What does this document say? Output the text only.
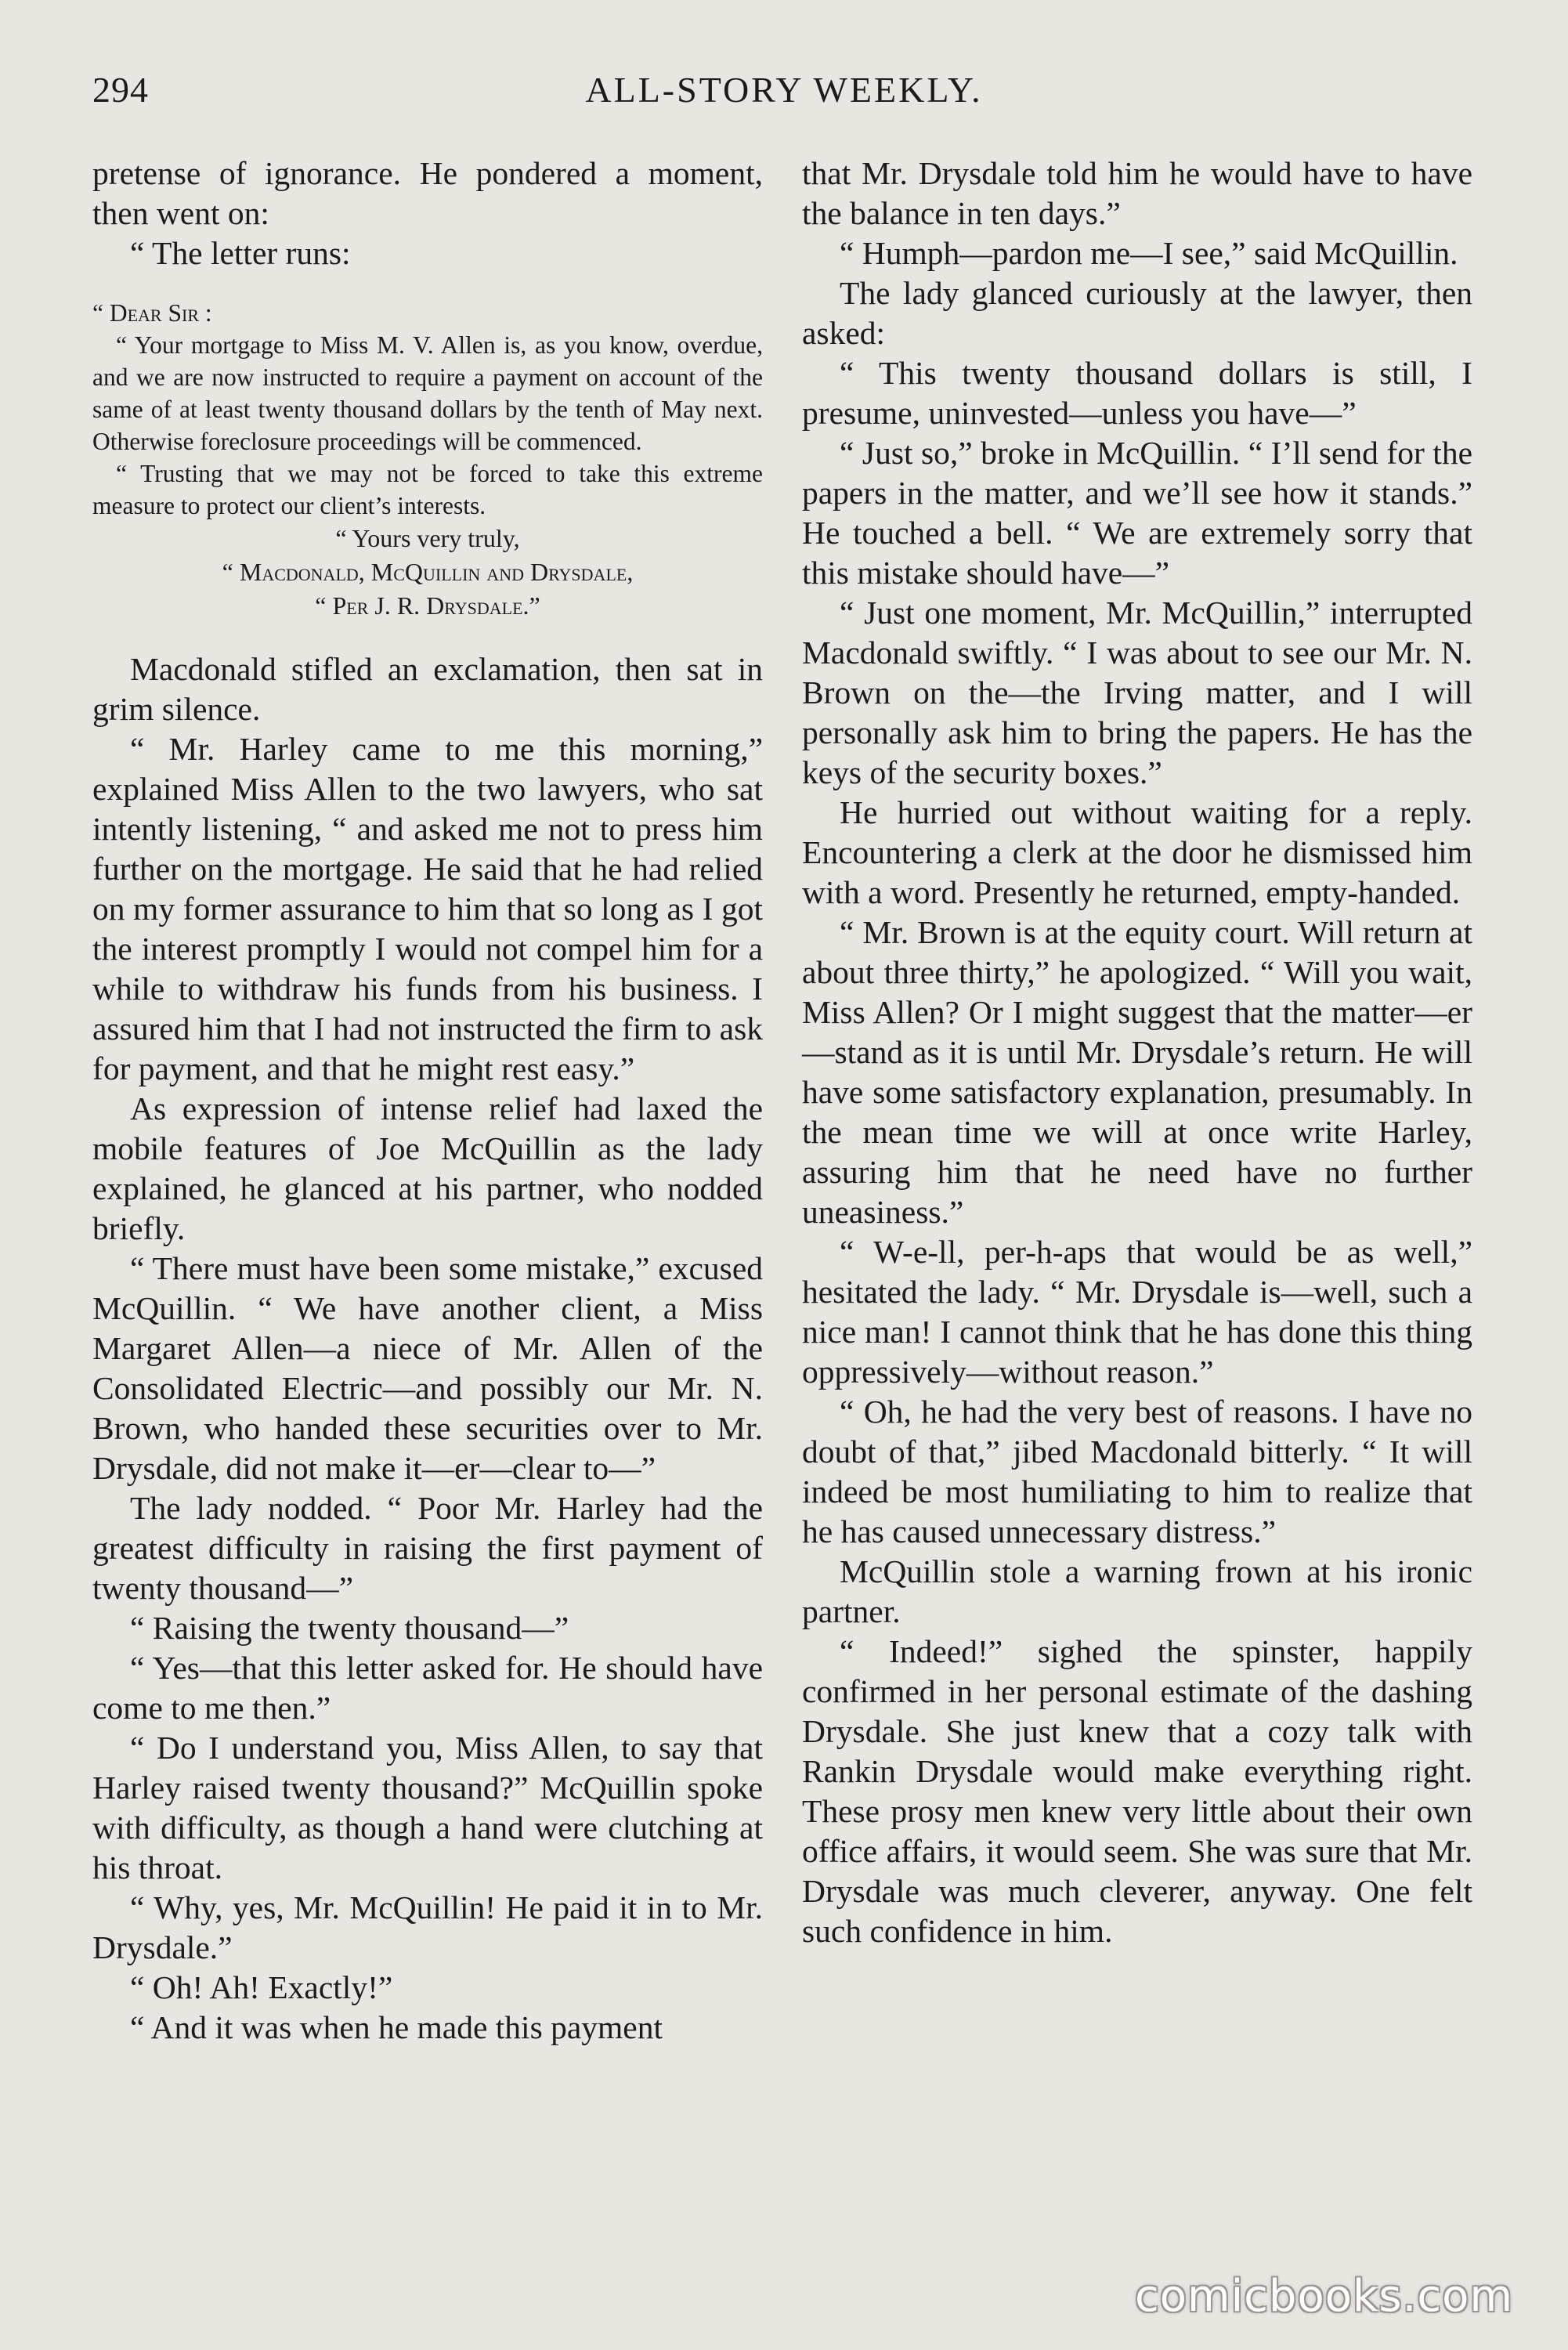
294	ALL-STORY WEEKLY.

pretense of ignorance. He pondered a moment, then went on:

“ The letter runs:

“ Dear Sir :

“ Your mortgage to Miss M. V. Allen is, as you know, overdue, and we are now instructed to require a payment on account of the same of at least twenty thousand dollars by the tenth of May next. Otherwise foreclosure proceedings will be commenced.

“ Trusting that we may not be forced to take this extreme measure to protect our client’s interests.

“ Yours very truly,

“ Macdonald, McQuillin and Drysdale,

“ Per J. R. Drysdale.”

Macdonald stifled an exclamation, then sat in grim silence.

“ Mr. Harley came to me this morning,” explained Miss Allen to the two lawyers, who sat intently listening, “ and asked me not to press him further on the mortgage. He said that he had relied on my former assurance to him that so long as I got the interest promptly I would not compel him for a while to withdraw his funds from his business. I assured him that I had not instructed the firm to ask for payment, and that he might rest easy.”

As expression of intense relief had laxed the mobile features of Joe McQuillin as the lady explained, he glanced at his partner, who nodded briefly.

“ There must have been some mistake,” excused McQuillin. “ We have another client, a Miss Margaret Allen—a niece of Mr. Allen of the Consolidated Electric—and possibly our Mr. N. Brown, who handed these securities over to Mr. Drysdale, did not make it—er—clear to—”

The lady nodded. “ Poor Mr. Harley had the greatest difficulty in raising the first payment of twenty thousand—”

“ Raising the twenty thousand—”

“ Yes—that this letter asked for. He should have come to me then.”

“ Do I understand you, Miss Allen, to say that Harley raised twenty thousand?” McQuillin spoke with difficulty, as though a hand were clutching at his throat.

“ Why, yes, Mr. McQuillin! He paid it in to Mr. Drysdale.”

“ Oh! Ah! Exactly!”

“ And it was when he made this payment

that Mr. Drysdale told him he would have to have the balance in ten days.”

“ Humph—pardon me—I see,” said McQuillin.

The lady glanced curiously at the lawyer, then asked:

“ This twenty thousand dollars is still, I presume, uninvested—unless you have—”

“ Just so,” broke in McQuillin. “ I’ll send for the papers in the matter, and we’ll see how it stands.” He touched a bell. “ We are extremely sorry that this mistake should have—”

“ Just one moment, Mr. McQuillin,” interrupted Macdonald swiftly. “ I was about to see our Mr. N. Brown on the—the Irving matter, and I will personally ask him to bring the papers. He has the keys of the security boxes.”

He hurried out without waiting for a reply. Encountering a clerk at the door he dismissed him with a word. Presently he returned, empty-handed.

“ Mr. Brown is at the equity court. Will return at about three thirty,” he apologized. “ Will you wait, Miss Allen? Or I might suggest that the matter—er—stand as it is until Mr. Drysdale’s return. He will have some satisfactory explanation, presumably. In the mean time we will at once write Harley, assuring him that he need have no further uneasiness.”

“ W-e-ll, per-h-aps that would be as well,” hesitated the lady. “ Mr. Drysdale is—well, such a nice man! I cannot think that he has done this thing oppressively—without reason.”

“ Oh, he had the very best of reasons. I have no doubt of that,” jibed Macdonald bitterly. “ It will indeed be most humiliating to him to realize that he has caused unnecessary distress.”

McQuillin stole a warning frown at his ironic partner.

“ Indeed!” sighed the spinster, happily confirmed in her personal estimate of the dashing Drysdale. She just knew that a cozy talk with Rankin Drysdale would make everything right. These prosy men knew very little about their own office affairs, it would seem. She was sure that Mr. Drysdale was much cleverer, anyway. One felt such confidence in him.

comicbooks.com
